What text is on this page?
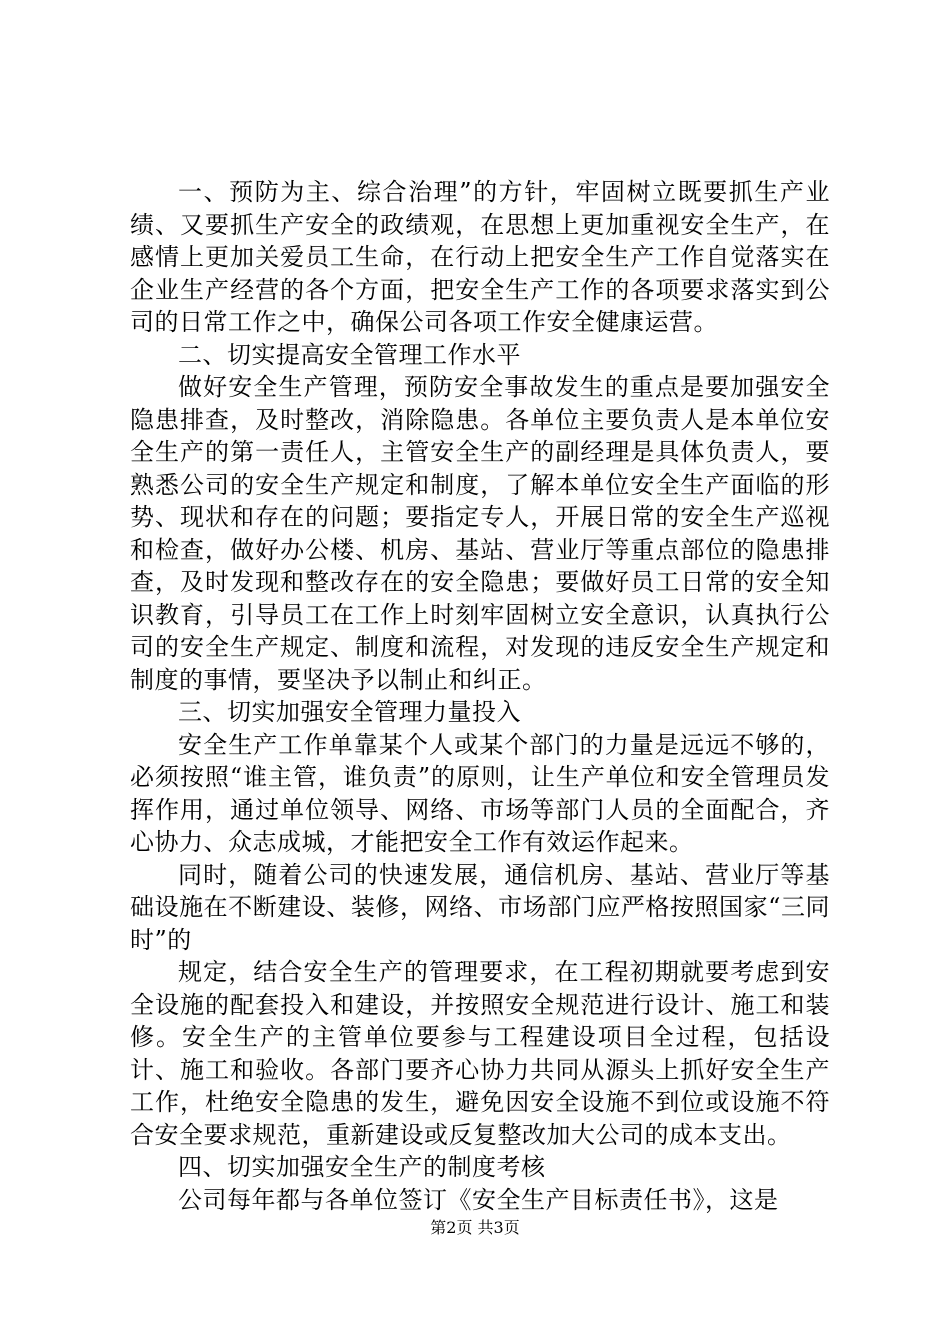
一、预防为主、综合治理”的方针，牢固树立既要抓生产业绩、又要抓生产安全的政绩观，在思想上更加重视安全生产，在感情上更加关爱员工生命，在行动上把安全生产工作自觉落实在企业生产经营的各个方面，把安全生产工作的各项要求落实到公司的日常工作之中，确保公司各项工作安全健康运营。

二、切实提高安全管理工作水平

做好安全生产管理，预防安全事故发生的重点是要加强安全隐患排查，及时整改，消除隐患。各单位主要负责人是本单位安全生产的第一责任人，主管安全生产的副经理是具体负责人，要熟悉公司的安全生产规定和制度，了解本单位安全生产面临的形势、现状和存在的问题；要指定专人，开展日常的安全生产巡视和检查，做好办公楼、机房、基站、营业厅等重点部位的隐患排查，及时发现和整改存在的安全隐患；要做好员工日常的安全知识教育，引导员工在工作上时刻牢固树立安全意识，认真执行公司的安全生产规定、制度和流程，对发现的违反安全生产规定和制度的事情，要坚决予以制止和纠正。

三、切实加强安全管理力量投入

安全生产工作单靠某个人或某个部门的力量是远远不够的，必须按照“谁主管，谁负责”的原则，让生产单位和安全管理员发挥作用，通过单位领导、网络、市场等部门人员的全面配合，齐心协力、众志成城，才能把安全工作有效运作起来。

同时，随着公司的快速发展，通信机房、基站、营业厅等基础设施在不断建设、装修，网络、市场部门应严格按照国家“三同时”的

规定，结合安全生产的管理要求，在工程初期就要考虑到安全设施的配套投入和建设，并按照安全规范进行设计、施工和装修。安全生产的主管单位要参与工程建设项目全过程，包括设计、施工和验收。各部门要齐心协力共同从源头上抓好安全生产工作，杜绝安全隐患的发生，避免因安全设施不到位或设施不符合安全要求规范，重新建设或反复整改加大公司的成本支出。

四、切实加强安全生产的制度考核

公司每年都与各单位签订《安全生产目标责任书》，这是

第2页 共3页
